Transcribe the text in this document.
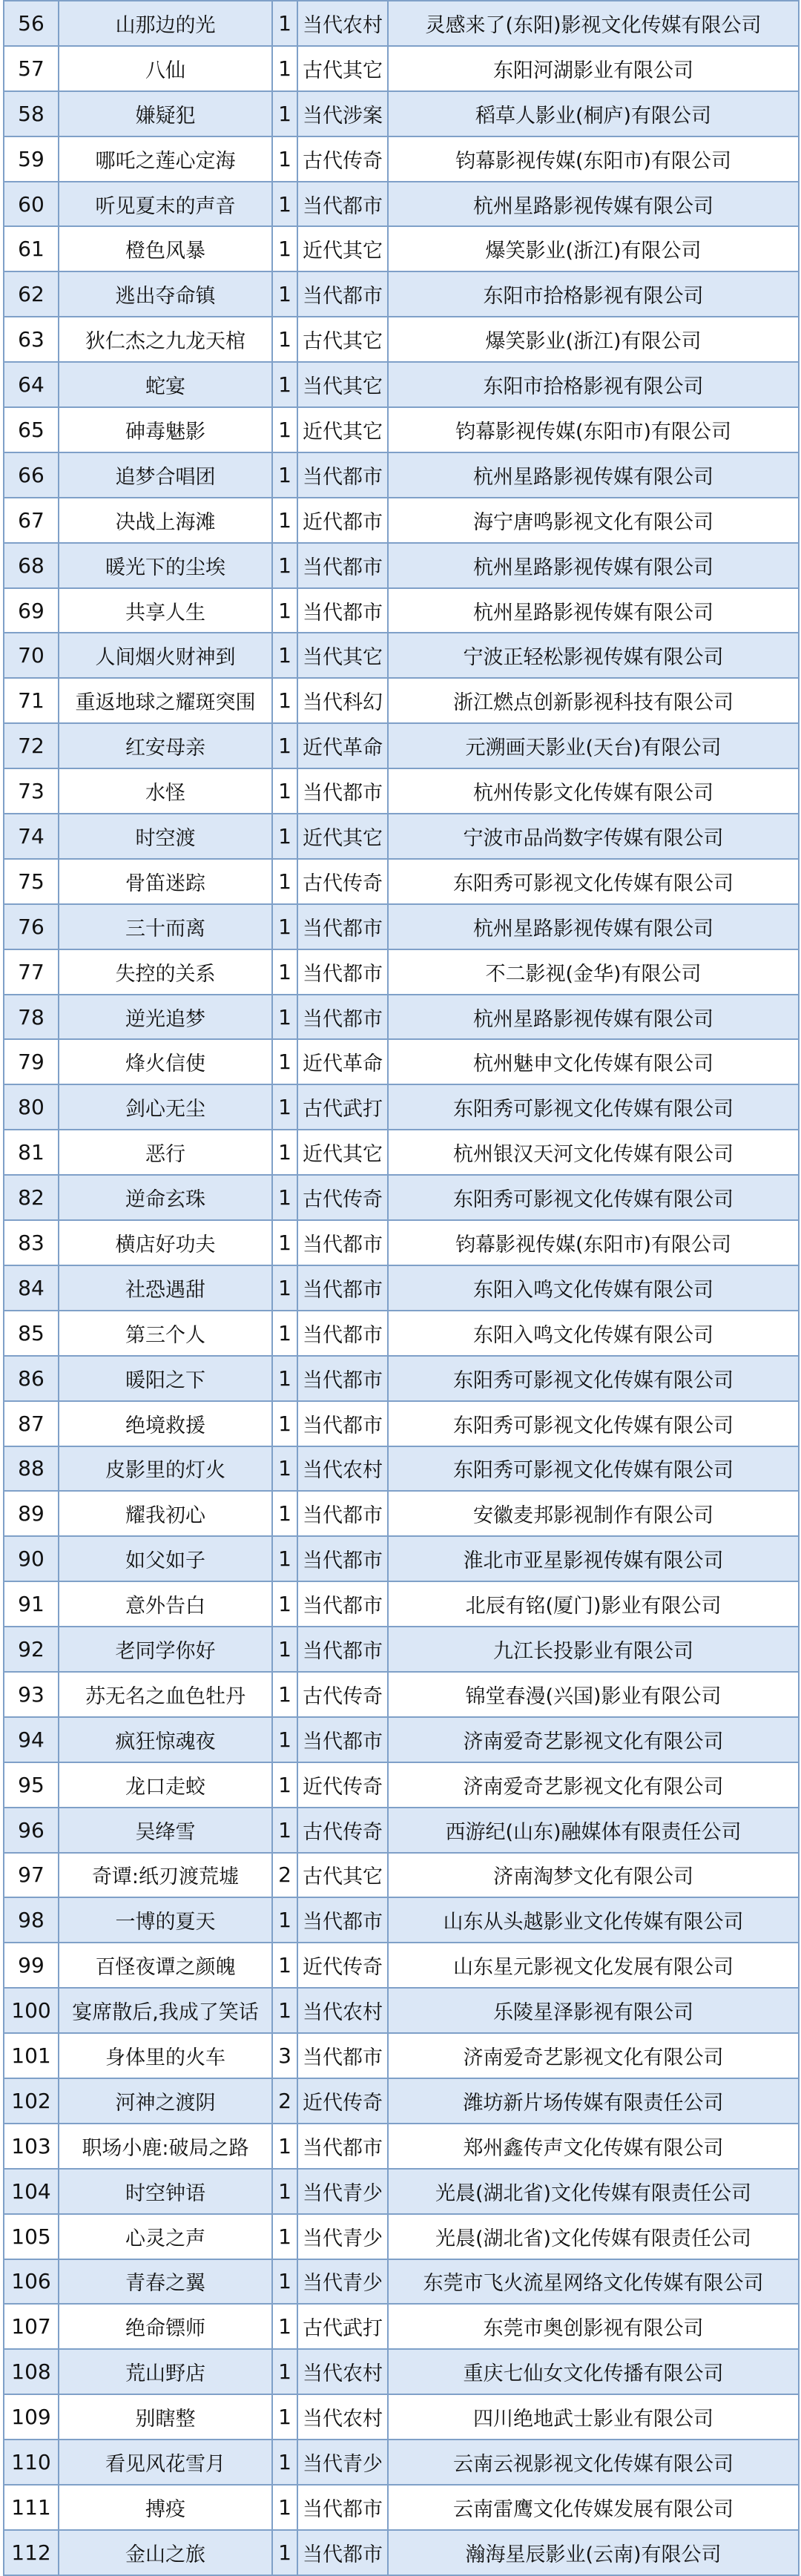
56	山那边的光	1	当代农村	灵感来了(东阳)影视文化传媒有限公司
57	八仙	1	古代其它	东阳河湖影业有限公司
58	嫌疑犯	1	当代涉案	稻草人影业(桐庐)有限公司
59	哪吒之莲心定海	1	古代传奇	钧幕影视传媒(东阳市)有限公司
60	听见夏末的声音	1	当代都市	杭州星路影视传媒有限公司
61	橙色风暴	1	近代其它	爆笑影业(浙江)有限公司
62	逃出夺命镇	1	当代都市	东阳市拾格影视有限公司
63	狄仁杰之九龙天棺	1	古代其它	爆笑影业(浙江)有限公司
64	蛇宴	1	当代其它	东阳市拾格影视有限公司
65	砷毒魅影	1	近代其它	钧幕影视传媒(东阳市)有限公司
66	追梦合唱团	1	当代都市	杭州星路影视传媒有限公司
67	决战上海滩	1	近代都市	海宁唐鸣影视文化有限公司
68	暖光下的尘埃	1	当代都市	杭州星路影视传媒有限公司
69	共享人生	1	当代都市	杭州星路影视传媒有限公司
70	人间烟火财神到	1	当代其它	宁波正轻松影视传媒有限公司
71	重返地球之耀斑突围	1	当代科幻	浙江燃点创新影视科技有限公司
72	红安母亲	1	近代革命	元溯画天影业(天台)有限公司
73	水怪	1	当代都市	杭州传影文化传媒有限公司
74	时空渡	1	近代其它	宁波市品尚数字传媒有限公司
75	骨笛迷踪	1	古代传奇	东阳秀可影视文化传媒有限公司
76	三十而离	1	当代都市	杭州星路影视传媒有限公司
77	失控的关系	1	当代都市	不二影视(金华)有限公司
78	逆光追梦	1	当代都市	杭州星路影视传媒有限公司
79	烽火信使	1	近代革命	杭州魅申文化传媒有限公司
80	剑心无尘	1	古代武打	东阳秀可影视文化传媒有限公司
81	恶行	1	近代其它	杭州银汉天河文化传媒有限公司
82	逆命玄珠	1	古代传奇	东阳秀可影视文化传媒有限公司
83	横店好功夫	1	当代都市	钧幕影视传媒(东阳市)有限公司
84	社恐遇甜	1	当代都市	东阳入鸣文化传媒有限公司
85	第三个人	1	当代都市	东阳入鸣文化传媒有限公司
86	暖阳之下	1	当代都市	东阳秀可影视文化传媒有限公司
87	绝境救援	1	当代都市	东阳秀可影视文化传媒有限公司
88	皮影里的灯火	1	当代农村	东阳秀可影视文化传媒有限公司
89	耀我初心	1	当代都市	安徽麦邦影视制作有限公司
90	如父如子	1	当代都市	淮北市亚星影视传媒有限公司
91	意外告白	1	当代都市	北辰有铭(厦门)影业有限公司
92	老同学你好	1	当代都市	九江长投影业有限公司
93	苏无名之血色牡丹	1	古代传奇	锦堂春漫(兴国)影业有限公司
94	疯狂惊魂夜	1	当代都市	济南爱奇艺影视文化有限公司
95	龙口走蛟	1	近代传奇	济南爱奇艺影视文化有限公司
96	吴绛雪	1	古代传奇	西游纪(山东)融媒体有限责任公司
97	奇谭:纸刃渡荒墟	2	古代其它	济南淘梦文化有限公司
98	一博的夏天	1	当代都市	山东从头越影业文化传媒有限公司
99	百怪夜谭之颜魄	1	近代传奇	山东星元影视文化发展有限公司
100	宴席散后,我成了笑话	1	当代农村	乐陵星泽影视有限公司
101	身体里的火车	3	当代都市	济南爱奇艺影视文化有限公司
102	河神之渡阴	2	近代传奇	潍坊新片场传媒有限责任公司
103	职场小鹿:破局之路	1	当代都市	郑州鑫传声文化传媒有限公司
104	时空钟语	1	当代青少	光晨(湖北省)文化传媒有限责任公司
105	心灵之声	1	当代青少	光晨(湖北省)文化传媒有限责任公司
106	青春之翼	1	当代青少	东莞市飞火流星网络文化传媒有限公司
107	绝命镖师	1	古代武打	东莞市奥创影视有限公司
108	荒山野店	1	当代农村	重庆七仙女文化传播有限公司
109	别瞎整	1	当代农村	四川绝地武士影业有限公司
110	看见风花雪月	1	当代青少	云南云视影视文化传媒有限公司
111	搏疫	1	当代都市	云南雷鹰文化传媒发展有限公司
112	金山之旅	1	当代都市	瀚海星辰影业(云南)有限公司
